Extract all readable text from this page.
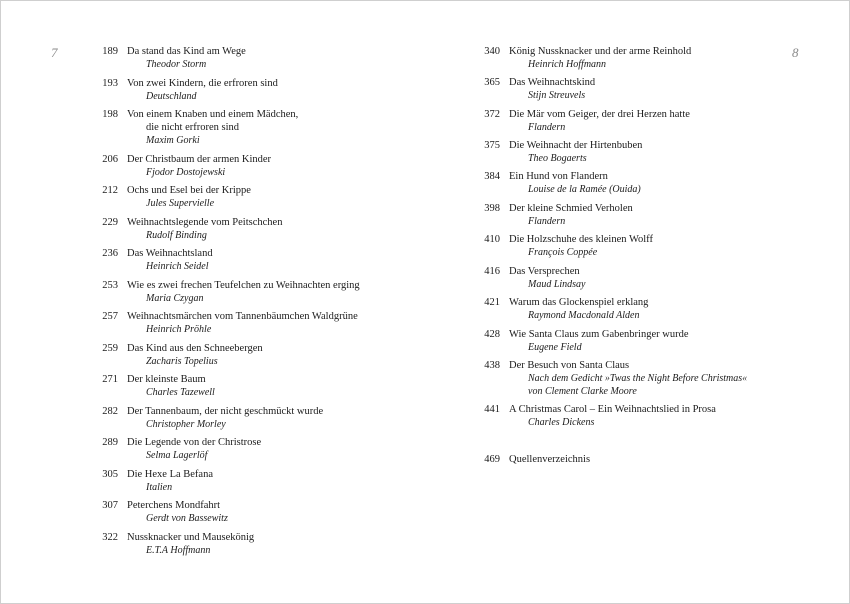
7	8
189 Da stand das Kind am Wege
Theodor Storm
193 Von zwei Kindern, die erfroren sind
Deutschland
198 Von einem Knaben und einem Mädchen,
die nicht erfroren sind
Maxim Gorki
206 Der Christbaum der armen Kinder
Fjodor Dostojewski
212 Ochs und Esel bei der Krippe
Jules Supervielle
229 Weihnachtslegende vom Peitschchen
Rudolf Binding
236 Das Weihnachtsland
Heinrich Seidel
253 Wie es zwei frechen Teufelchen zu Weihnachten erging
Maria Czygan
257 Weihnachtsmärchen vom Tannenbäumchen Waldgrüne
Heinrich Pröhle
259 Das Kind aus den Schneebergen
Zacharis Topelius
271 Der kleinste Baum
Charles Tazewell
282 Der Tannenbaum, der nicht geschmückt wurde
Christopher Morley
289 Die Legende von der Christrose
Selma Lagerlöf
305 Die Hexe La Befana
Italien
307 Peterchens Mondfahrt
Gerdt von Bassewitz
322 Nussknacker und Mausekönig
E.T.A Hoffmann
340 König Nussknacker und der arme Reinhold
Heinrich Hoffmann
365 Das Weihnachtskind
Stijn Streuvels
372 Die Mär vom Geiger, der drei Herzen hatte
Flandern
375 Die Weihnacht der Hirtenbuben
Theo Bogaerts
384 Ein Hund von Flandern
Louise de la Ramée (Ouida)
398 Der kleine Schmied Verholen
Flandern
410 Die Holzschuhe des kleinen Wolff
François Coppée
416 Das Versprechen
Maud Lindsay
421 Warum das Glockenspiel erklang
Raymond Macdonald Alden
428 Wie Santa Claus zum Gabenbringer wurde
Eugene Field
438 Der Besuch von Santa Claus
Nach dem Gedicht »Twas the Night Before Christmas«
von Clement Clarke Moore
441 A Christmas Carol – Ein Weihnachtslied in Prosa
Charles Dickens
469 Quellenverzeichnis
